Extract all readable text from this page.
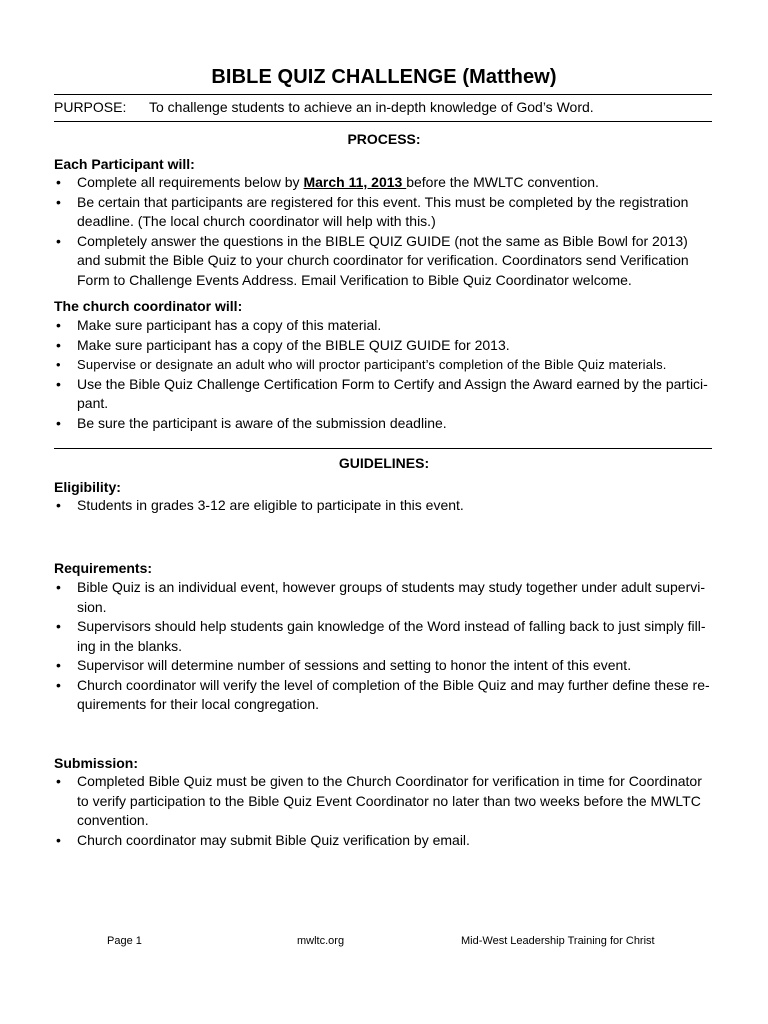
BIBLE QUIZ CHALLENGE (Matthew)
PURPOSE: To challenge students to achieve an in-depth knowledge of God’s Word.
PROCESS:
Each Participant will:
• Complete all requirements below by March 11, 2013 before the MWLTC convention.
• Be certain that participants are registered for this event. This must be completed by the registration deadline. (The local church coordinator will help with this.)
• Completely answer the questions in the BIBLE QUIZ GUIDE (not the same as Bible Bowl for 2013) and submit the Bible Quiz to your church coordinator for verification. Coordinators send Verification Form to Challenge Events Address. Email Verification to Bible Quiz Coordinator welcome.
The church coordinator will:
• Make sure participant has a copy of this material.
• Make sure participant has a copy of the BIBLE QUIZ GUIDE for 2013.
• Supervise or designate an adult who will proctor participant’s completion of the Bible Quiz materials.
• Use the Bible Quiz Challenge Certification Form to Certify and Assign the Award earned by the partici-pant.
• Be sure the participant is aware of the submission deadline.
GUIDELINES:
Eligibility:
• Students in grades 3-12 are eligible to participate in this event.
Requirements:
• Bible Quiz is an individual event, however groups of students may study together under adult supervi-sion.
• Supervisors should help students gain knowledge of the Word instead of falling back to just simply fill-ing in the blanks.
• Supervisor will determine number of sessions and setting to honor the intent of this event.
• Church coordinator will verify the level of completion of the Bible Quiz and may further define these re-quirements for their local congregation.
Submission:
• Completed Bible Quiz must be given to the Church Coordinator for verification in time for Coordinator to verify participation to the Bible Quiz Event Coordinator no later than two weeks before the MWLTC convention.
• Church coordinator may submit Bible Quiz verification by email.
Page 1	mwltc.org	Mid-West Leadership Training for Christ
